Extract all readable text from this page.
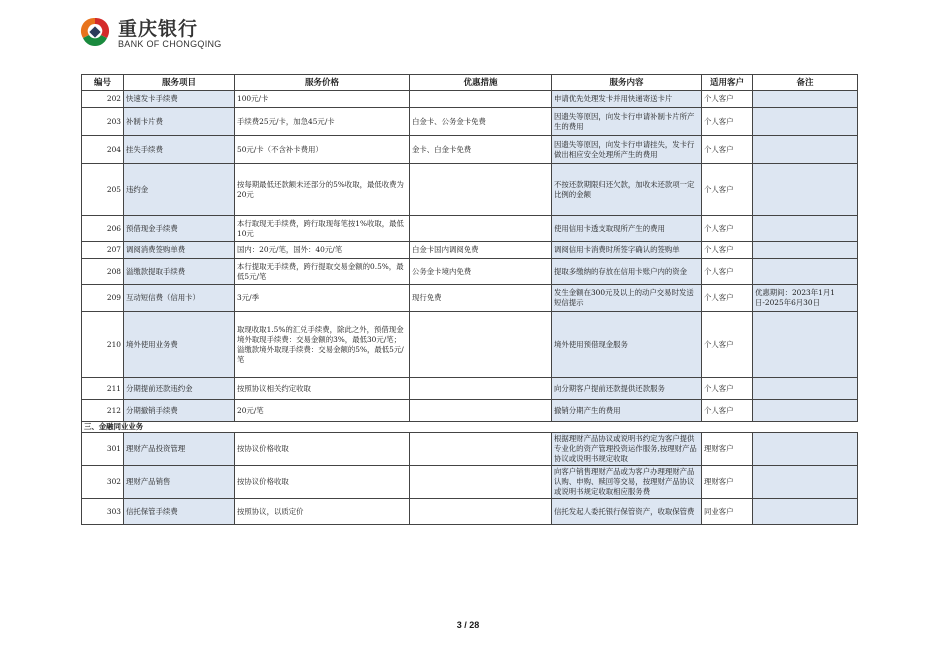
重庆银行
BANK OF CHONGQING
编号	服务项目	服务价格	优惠措施	服务内容	适用客户	备注
202	快速发卡手续费	100元/卡		申请优先处理发卡并用快递寄送卡片	个人客户	
203	补制卡片费	手续费25元/卡，加急45元/卡	白金卡、公务金卡免费	因遗失等原因，向发卡行申请补制卡片所产生的费用	个人客户	
204	挂失手续费	50元/卡（不含补卡费用）	金卡、白金卡免费	因遗失等原因，向发卡行申请挂失，发卡行做出相应安全处理所产生的费用	个人客户	
205	违约金	按每期最低还款额未还部分的5%收取，最低收费为20元		不按还款期限归还欠款，加收未还款项一定比例的金额	个人客户	
206	预借现金手续费	本行取现无手续费，跨行取现每笔按1%收取，最低10元		使用信用卡透支取现所产生的费用	个人客户	
207	调阅消费签购单费	国内：20元/笔，国外：40元/笔	白金卡国内调阅免费	调阅信用卡消费时所签字确认的签购单	个人客户	
208	溢缴款提取手续费	本行提取无手续费，跨行提取交易金额的0.5%，最低5元/笔	公务金卡境内免费	提取多缴纳的存放在信用卡账户内的资金	个人客户	
209	互动短信费（信用卡）	3元/季	现行免费	发生金额在300元及以上的动户交易时发送短信提示	个人客户	优惠期间：2023年1月1日-2025年6月30日
210	境外使用业务费	取现收取1.5%的汇兑手续费，除此之外，预借现金境外取现手续费：交易金额的3%，最低30元/笔；溢缴款境外取现手续费：交易金额的5%，最低5元/笔		境外使用预借现金服务	个人客户	
211	分期提前还款违约金	按照协议相关约定收取		向分期客户提前还款提供还款服务	个人客户	
212	分期撤销手续费	20元/笔		撤销分期产生的费用	个人客户	
三、金融同业业务						
301	理财产品投资管理	按协议价格收取		根据理财产品协议或说明书约定为客户提供专业化的资产管理投资运作服务,按理财产品协议或说明书规定收取	理财客户	
302	理财产品销售	按协议价格收取		向客户销售理财产品或为客户办理理财产品认购、申购、赎回等交易，按理财产品协议或说明书规定收取相应服务费	理财客户	
303	信托保管手续费	按照协议，以质定价		信托发起人委托银行保管资产，收取保管费	同业客户	
3 / 28
